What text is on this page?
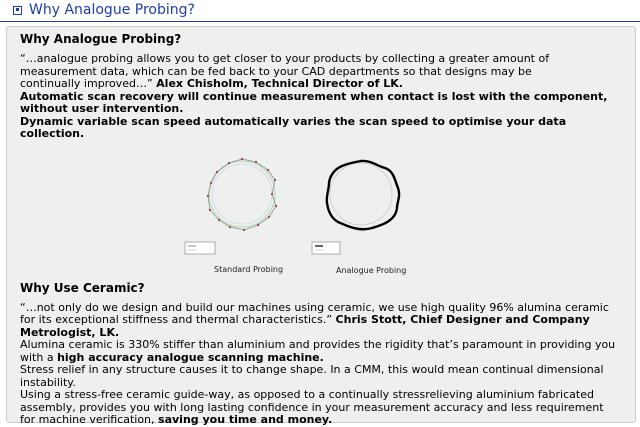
Why Analogue Probing?
Why Analogue Probing?

“…analogue probing allows you to get closer to your products by collecting a greater amount of measurement data, which can be fed back to your CAD departments so that designs may be
continually improved…” Alex Chisholm, Technical Director of LK.

Automatic scan recovery will continue measurement when contact is lost with the component, without user intervention.

Dynamic variable scan speed automatically varies the scan speed to optimise your data collection.

Standard Probing	Analogue Probing
Why Use Ceramic?

“…not only do we design and build our machines using ceramic, we use high quality 96% alumina ceramic for its exceptional stiffness and thermal characteristics.” Chris Stott, Chief Designer and Company Metrologist, LK.

Alumina ceramic is 330% stiffer than aluminium and provides the rigidity that’s paramount in providing you with a high accuracy analogue scanning machine.

Stress relief in any structure causes it to change shape. In a CMM, this would mean continual dimensional instability.

Using a stress-free ceramic guide-way, as opposed to a continually stressrelieving aluminium fabricated assembly, provides you with long lasting confidence in your measurement accuracy and less requirement for machine verification, saving you time and money.
